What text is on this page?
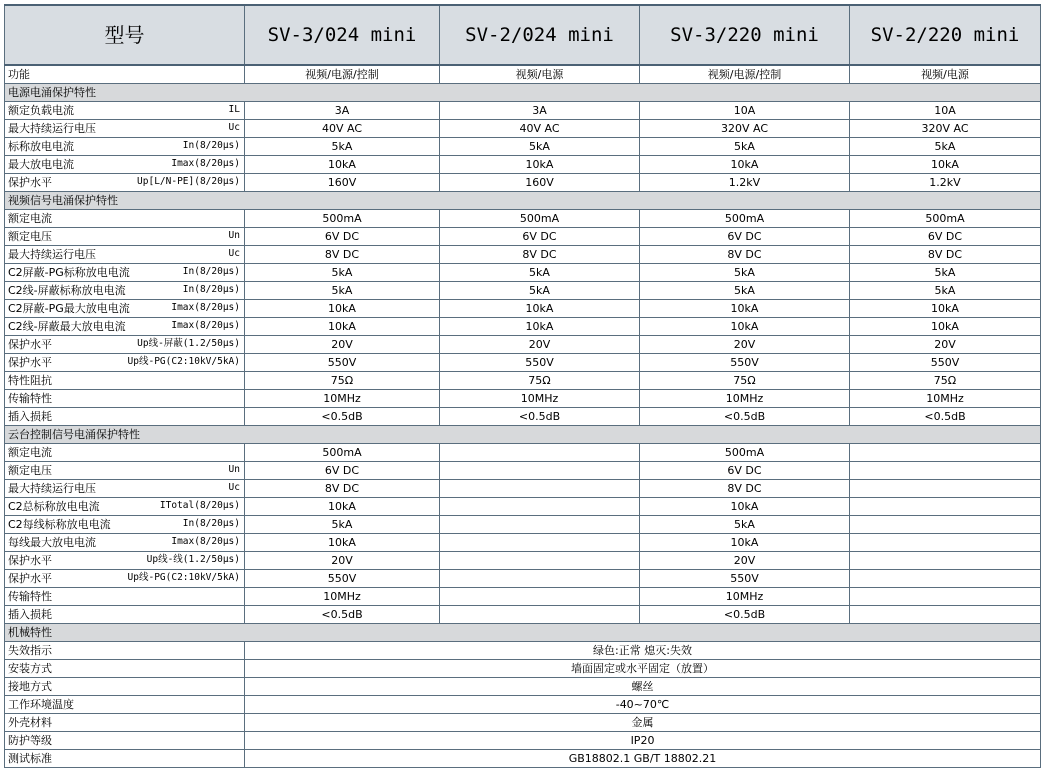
型号	SV-3/024 mini	SV-2/024 mini	SV-3/220 mini	SV-2/220 mini
功能	视频/电源/控制	视频/电源	视频/电源/控制	视频/电源
电源电涌保护特性				
额定负载电流 IL	3A	3A	10A	10A
最大持续运行电压 Uc	40V AC	40V AC	320V AC	320V AC
标称放电电流 In(8/20μs)	5kA	5kA	5kA	5kA
最大放电电流 Imax(8/20μs)	10kA	10kA	10kA	10kA
保护水平 Up[L/N-PE](8/20μs)	160V	160V	1.2kV	1.2kV
视频信号电涌保护特性				
额定电流	500mA	500mA	500mA	500mA
额定电压 Un	6V DC	6V DC	6V DC	6V DC
最大持续运行电压 Uc	8V DC	8V DC	8V DC	8V DC
C2屏蔽-PG标称放电电流 In(8/20μs)	5kA	5kA	5kA	5kA
C2线-屏蔽标称放电电流 In(8/20μs)	5kA	5kA	5kA	5kA
C2屏蔽-PG最大放电电流 Imax(8/20μs)	10kA	10kA	10kA	10kA
C2线-屏蔽最大放电电流 Imax(8/20μs)	10kA	10kA	10kA	10kA
保护水平 Up线-屏蔽(1.2/50μs)	20V	20V	20V	20V
保护水平 Up线-PG(C2:10kV/5kA)	550V	550V	550V	550V
特性阻抗	75Ω	75Ω	75Ω	75Ω
传输特性	10MHz	10MHz	10MHz	10MHz
插入损耗	<0.5dB	<0.5dB	<0.5dB	<0.5dB
云台控制信号电涌保护特性				
额定电流	500mA		500mA	
额定电压 Un	6V DC		6V DC	
最大持续运行电压 Uc	8V DC		8V DC	
C2总标称放电电流 ITotal(8/20μs)	10kA		10kA	
C2每线标称放电电流 In(8/20μs)	5kA		5kA	
每线最大放电电流 Imax(8/20μs)	10kA		10kA	
保护水平 Up线-线(1.2/50μs)	20V		20V	
保护水平 Up线-PG(C2:10kV/5kA)	550V		550V	
传输特性	10MHz		10MHz	
插入损耗	<0.5dB		<0.5dB	
机械特性				
失效指示	绿色:正常 熄灭:失效			
安装方式	墙面固定或水平固定（放置）			
接地方式	螺丝			
工作环境温度	-40~70℃			
外壳材料	金属			
防护等级	IP20			
测试标准	GB18802.1 GB/T 18802.21			
